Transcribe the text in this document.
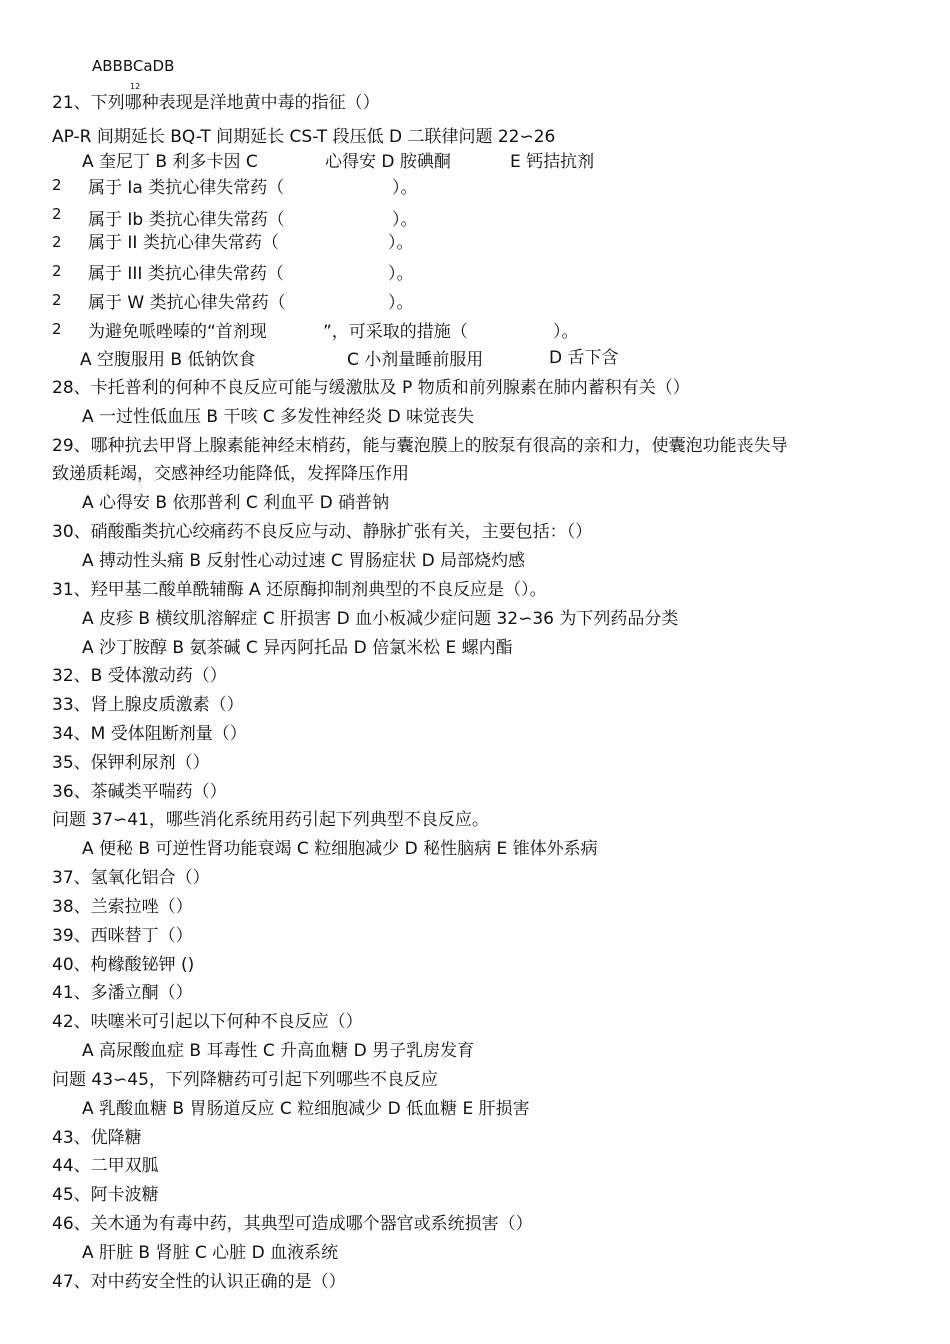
ABBBCaDB
12
21、下列哪种表现是洋地黄中毒的指征（）
AP-R 间期延长 BQ-T 间期延长 CS-T 段压低 D 二联律问题 22∽26
A 奎尼丁 B 利多卡因 C	心得安 D 胺碘酮	E 钙拮抗剂
2 属于 Ia 类抗心律失常药（	）。
2 属于 Ib 类抗心律失常药（	）。
2 属于 II 类抗心律失常药（	）。
2 属于 III 类抗心律失常药（	）。
2 属于 W 类抗心律失常药（	）。
2 为避免哌唑嗪的“首剂现	”，可采取的措施（	）。
A 空腹服用 B 低钠饮食	C 小剂量睡前服用	D 舌下含
28、卡托普利的何种不良反应可能与缓激肽及 P 物质和前列腺素在肺内蓄积有关（）
A 一过性低血压 B 干咳 C 多发性神经炎 D 味觉丧失
29、哪种抗去甲肾上腺素能神经末梢药，能与囊泡膜上的胺泵有很高的亲和力，使囊泡功能丧失导
致递质耗竭，交感神经功能降低，发挥降压作用
A 心得安 B 依那普利 C 利血平 D 硝普钠
30、硝酸酯类抗心绞痛药不良反应与动、静脉扩张有关，主要包括：（）
A 搏动性头痛 B 反射性心动过速 C 胃肠症状 D 局部烧灼感
31、羟甲基二酸单酰辅酶 A 还原酶抑制剂典型的不良反应是（）。
A 皮疹 B 横纹肌溶解症 C 肝损害 D 血小板减少症问题 32∽36 为下列药品分类
A 沙丁胺醇 B 氨茶碱 C 异丙阿托品 D 倍氯米松 E 螺内酯
32、B 受体激动药（）
33、肾上腺皮质激素（）
34、M 受体阻断剂量（）
35、保钾利尿剂（）
36、茶碱类平喘药（）
问题 37∽41，哪些消化系统用药引起下列典型不良反应。
A 便秘 B 可逆性肾功能衰竭 C 粒细胞减少 D 秘性脑病 E 锥体外系病
37、氢氧化铝合（）
38、兰索拉唑（）
39、西咪替丁（）
40、枸橼酸铋钾 ()
41、多潘立酮（）
42、呋噻米可引起以下何种不良反应（）
A 高尿酸血症 B 耳毒性 C 升高血糖 D 男子乳房发育
问题 43∽45，下列降糖药可引起下列哪些不良反应
A 乳酸血糖 B 胃肠道反应 C 粒细胞减少 D 低血糖 E 肝损害
43、优降糖
44、二甲双胍
45、阿卡波糖
46、关木通为有毒中药，其典型可造成哪个器官或系统损害（）
A 肝脏 B 肾脏 C 心脏 D 血液系统
47、对中药安全性的认识正确的是（）
